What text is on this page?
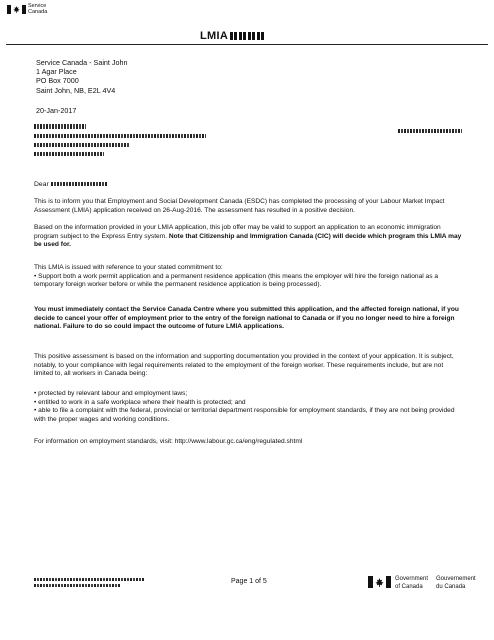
Service
Canada
LMIA
Service Canada - Saint John
1 Agar Place
PO Box 7000
Saint John, NB, E2L 4V4
20-Jan-2017
Dear
This is to inform you that Employment and Social Development Canada (ESDC) has completed the processing of your Labour Market Impact Assessment (LMIA) application received on 26-Aug-2016. The assessment has resulted in a positive decision.
Based on the information provided in your LMIA application, this job offer may be valid to support an application to an economic immigration program subject to the Express Entry system. Note that Citizenship and Immigration Canada (CIC) will decide which program this LMIA may be used for.
This LMIA is issued with reference to your stated commitment to:
• Support both a work permit application and a permanent residence application (this means the employer will hire the foreign national as a temporary foreign worker before or while the permanent residence application is being processed).
You must immediately contact the Service Canada Centre where you submitted this application, and the affected foreign national, if you decide to cancel your offer of employment prior to the entry of the foreign national to Canada or if you no longer need to hire a foreign national. Failure to do so could impact the outcome of future LMIA applications.
This positive assessment is based on the information and supporting documentation you provided in the context of your application. It is subject, notably, to your compliance with legal requirements related to the employment of the foreign worker. These requirements include, but are not limited to, all workers in Canada being:
• protected by relevant labour and employment laws;
• entitled to work in a safe workplace where their health is protected; and
• able to file a complaint with the federal, provincial or territorial department responsible for employment standards, if they are not being provided with the proper wages and working conditions.
For information on employment standards, visit: http://www.labour.gc.ca/eng/regulated.shtml
Page 1 of 5	Government
of Canada
Gouvernement
du Canada
